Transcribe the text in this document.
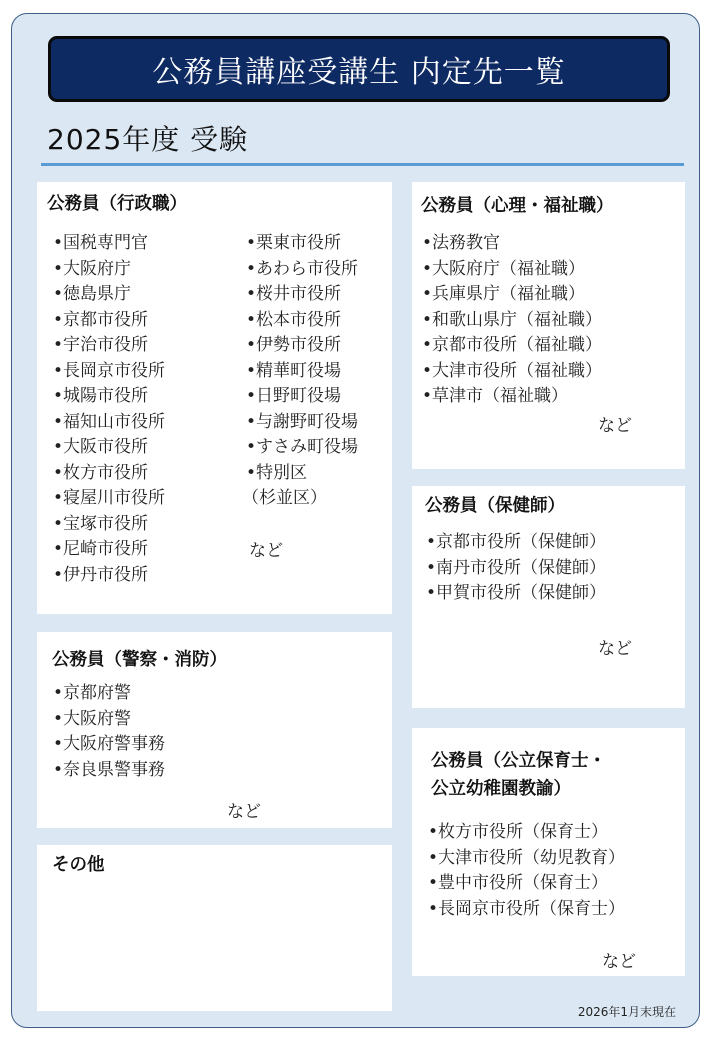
公務員講座受講生 内定先一覧
2025年度 受験
公務員（行政職）
•国税専門官
•大阪府庁
•徳島県庁
•京都市役所
•宇治市役所
•長岡京市役所
•城陽市役所
•福知山市役所
•大阪市役所
•枚方市役所
•寝屋川市役所
•宝塚市役所
•尼崎市役所
•伊丹市役所
•栗東市役所
•あわら市役所
•桜井市役所
•松本市役所
•伊勢市役所
•精華町役場
•日野町役場
•与謝野町役場
•すさみ町役場
•特別区
（杉並区）
など
公務員（警察・消防）
•京都府警
•大阪府警
•大阪府警事務
•奈良県警事務
など
その他
公務員（心理・福祉職）
•法務教官
•大阪府庁（福祉職）
•兵庫県庁（福祉職）
•和歌山県庁（福祉職）
•京都市役所（福祉職）
•大津市役所（福祉職）
•草津市（福祉職）
など
公務員（保健師）
•京都市役所（保健師）
•南丹市役所（保健師）
•甲賀市役所（保健師）
など
公務員（公立保育士・
公立幼稚園教諭）
•枚方市役所（保育士）
•大津市役所（幼児教育）
•豊中市役所（保育士）
•長岡京市役所（保育士）
など
2026年1月末現在
